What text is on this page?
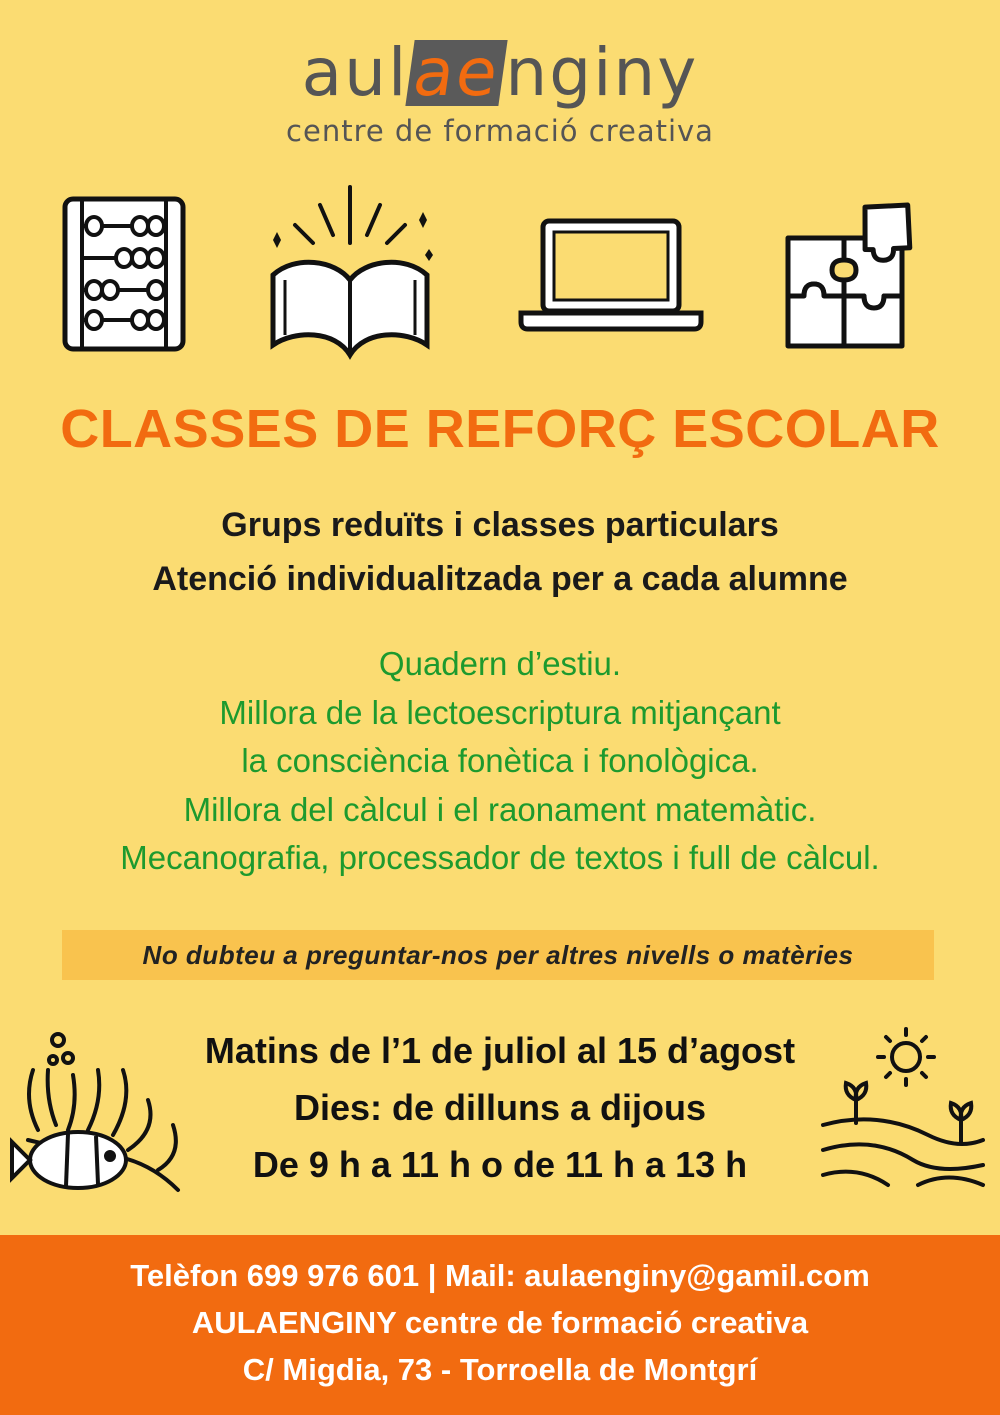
aulaenginy
centre de formació creativa
CLASSES DE REFORÇ ESCOLAR
Grups reduïts i classes particulars
Atenció individualitzada per a cada alumne
Quadern d’estiu.
Millora de la lectoescriptura mitjançant
la consciència fonètica i fonològica.
Millora del càlcul i el raonament matemàtic.
Mecanografia, processador de textos i full de càlcul.
No dubteu a preguntar-nos per altres nivells o matèries
Matins de l’1 de juliol al 15 d’agost
Dies: de dilluns a dijous
De 9 h a 11 h o de 11 h a 13 h
Telèfon 699 976 601 | Mail: aulaenginy@gamil.com
AULAENGINY centre de formació creativa
C/ Migdia, 73 - Torroella de Montgrí
